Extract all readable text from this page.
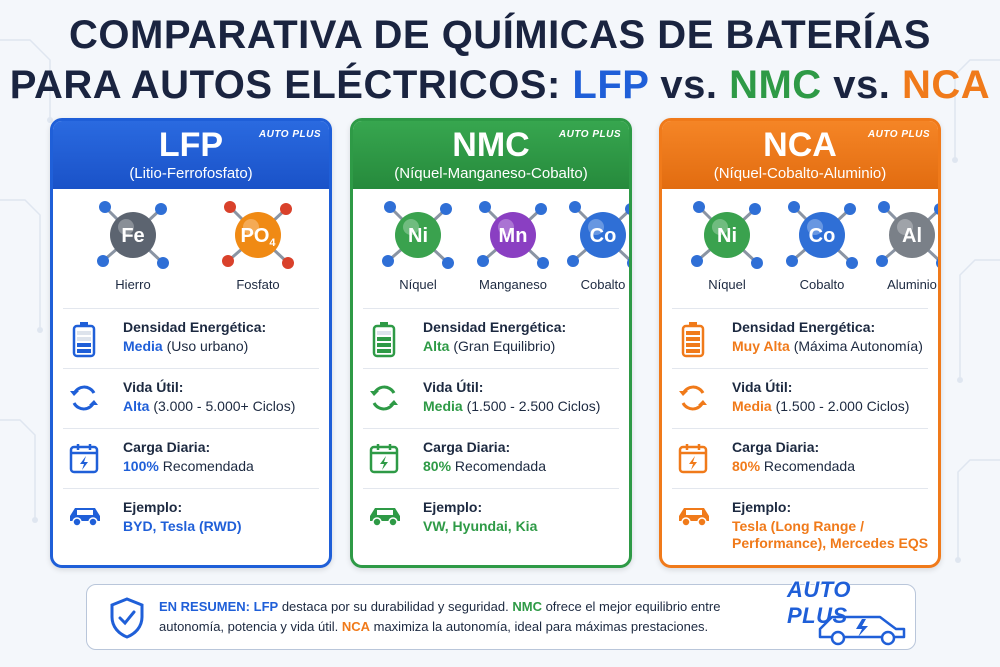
COMPARATIVA DE QUÍMICAS DE BATERÍAS
PARA AUTOS ELÉCTRICOS: LFP vs. NMC vs. NCA
LFP
(Litio-Ferrofosfato)
AUTO PLUS
Fe
Hierro
$PO_4$
Fosfato
Densidad Energética:
Media (Uso urbano)
Vida Útil:
Alta (3.000 - 5.000+ Ciclos)
Carga Diaria:
100% Recomendada
Ejemplo:
BYD, Tesla (RWD)
NMC
(Níquel-Manganeso-Cobalto)
AUTO PLUS
Ni
Níquel
Mn
Manganeso
Co
Cobalto
Densidad Energética:
Alta (Gran Equilibrio)
Vida Útil:
Media (1.500 - 2.500 Ciclos)
Carga Diaria:
80% Recomendada
Ejemplo:
VW, Hyundai, Kia
NCA
(Níquel-Cobalto-Aluminio)
AUTO PLUS
Ni
Níquel
Co
Cobalto
Al
Aluminio
Densidad Energética:
Muy Alta (Máxima Autonomía)
Vida Útil:
Media (1.500 - 2.000 Ciclos)
Carga Diaria:
80% Recomendada
Ejemplo:
Tesla (Long Range / Performance), Mercedes EQS
EN RESUMEN: LFP destaca por su durabilidad y seguridad. NMC ofrece el mejor equilibrio entre autonomía, potencia y vida útil. NCA maximiza la autonomía, ideal para máximas prestaciones.
AUTO PLUS
